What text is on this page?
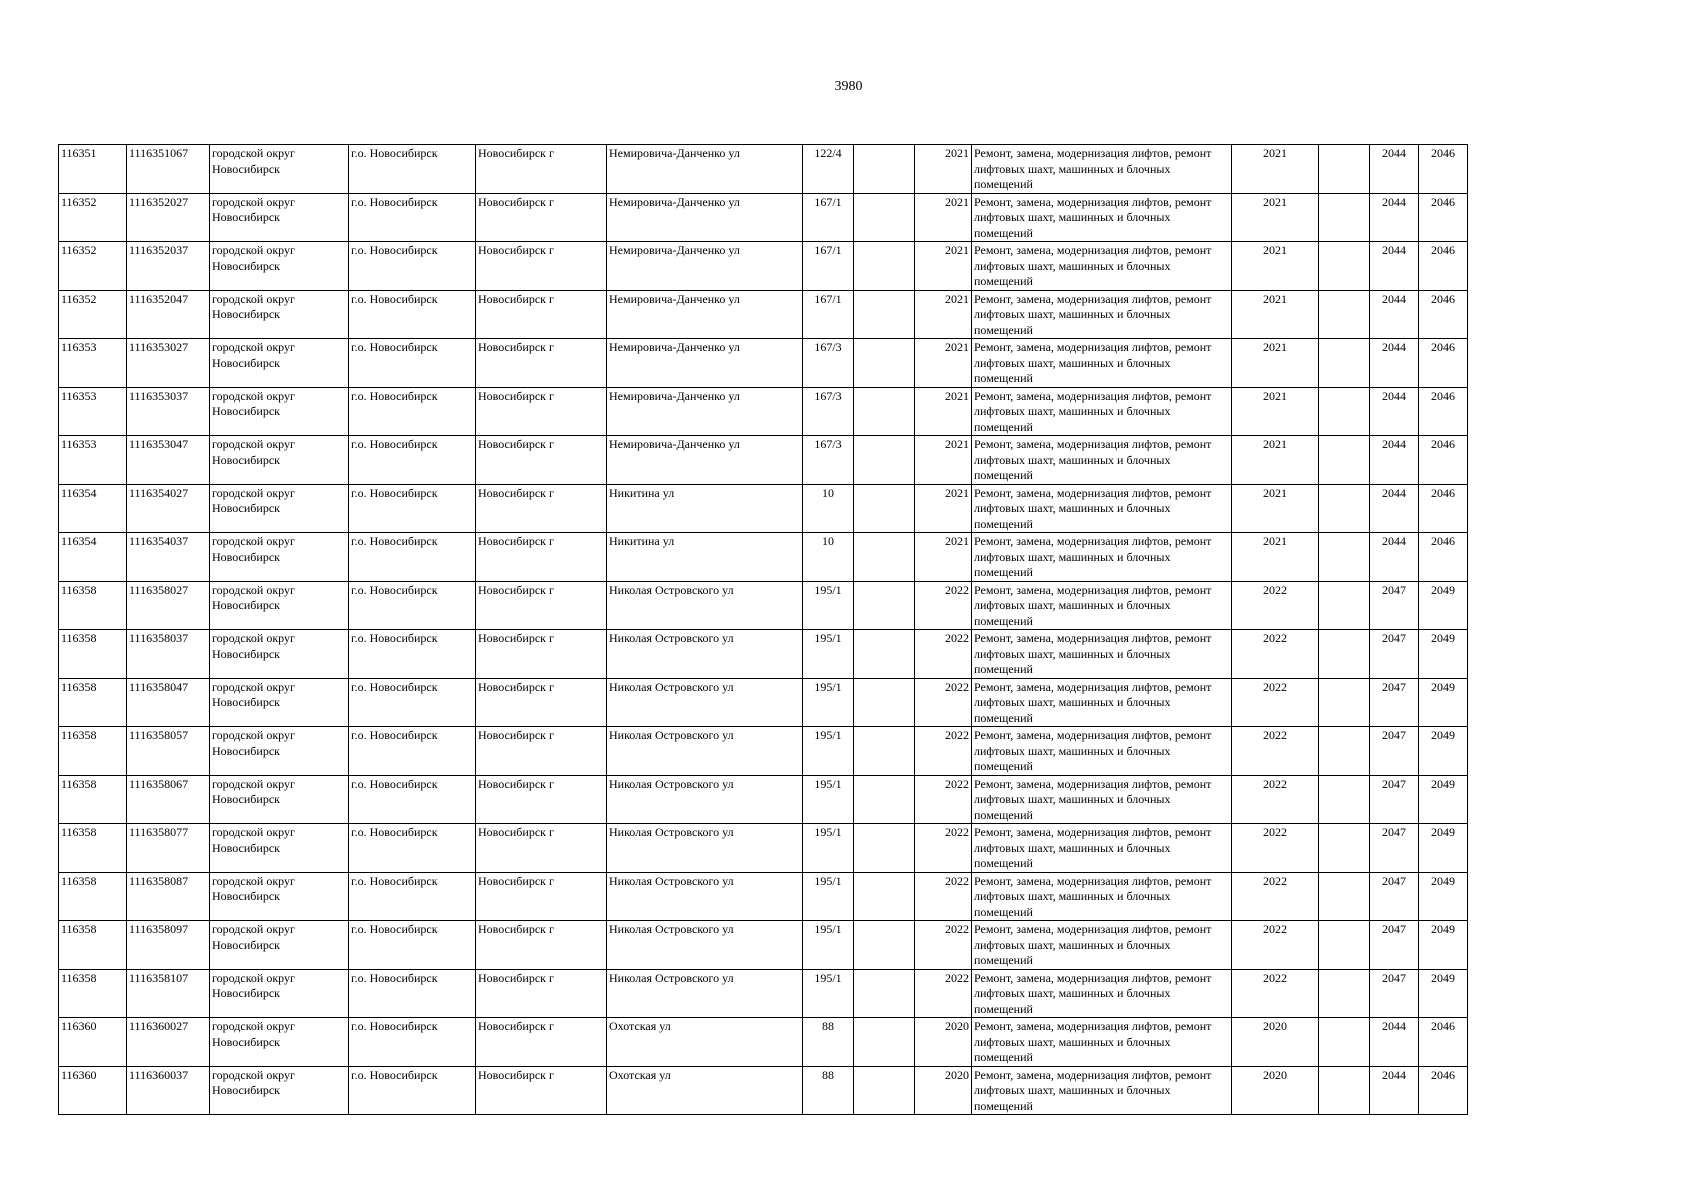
3980
116351	1116351067	городской округ Новосибирск	г.о. Новосибирск	Новосибирск г	Немировича-Данченко ул	122/4		2021	Ремонт, замена, модернизация лифтов, ремонт лифтовых шахт, машинных и блочных помещений	2021		2044	2046
116352	1116352027	городской округ Новосибирск	г.о. Новосибирск	Новосибирск г	Немировича-Данченко ул	167/1		2021	Ремонт, замена, модернизация лифтов, ремонт лифтовых шахт, машинных и блочных помещений	2021		2044	2046
116352	1116352037	городской округ Новосибирск	г.о. Новосибирск	Новосибирск г	Немировича-Данченко ул	167/1		2021	Ремонт, замена, модернизация лифтов, ремонт лифтовых шахт, машинных и блочных помещений	2021		2044	2046
116352	1116352047	городской округ Новосибирск	г.о. Новосибирск	Новосибирск г	Немировича-Данченко ул	167/1		2021	Ремонт, замена, модернизация лифтов, ремонт лифтовых шахт, машинных и блочных помещений	2021		2044	2046
116353	1116353027	городской округ Новосибирск	г.о. Новосибирск	Новосибирск г	Немировича-Данченко ул	167/3		2021	Ремонт, замена, модернизация лифтов, ремонт лифтовых шахт, машинных и блочных помещений	2021		2044	2046
116353	1116353037	городской округ Новосибирск	г.о. Новосибирск	Новосибирск г	Немировича-Данченко ул	167/3		2021	Ремонт, замена, модернизация лифтов, ремонт лифтовых шахт, машинных и блочных помещений	2021		2044	2046
116353	1116353047	городской округ Новосибирск	г.о. Новосибирск	Новосибирск г	Немировича-Данченко ул	167/3		2021	Ремонт, замена, модернизация лифтов, ремонт лифтовых шахт, машинных и блочных помещений	2021		2044	2046
116354	1116354027	городской округ Новосибирск	г.о. Новосибирск	Новосибирск г	Никитина ул	10		2021	Ремонт, замена, модернизация лифтов, ремонт лифтовых шахт, машинных и блочных помещений	2021		2044	2046
116354	1116354037	городской округ Новосибирск	г.о. Новосибирск	Новосибирск г	Никитина ул	10		2021	Ремонт, замена, модернизация лифтов, ремонт лифтовых шахт, машинных и блочных помещений	2021		2044	2046
116358	1116358027	городской округ Новосибирск	г.о. Новосибирск	Новосибирск г	Николая Островского ул	195/1		2022	Ремонт, замена, модернизация лифтов, ремонт лифтовых шахт, машинных и блочных помещений	2022		2047	2049
116358	1116358037	городской округ Новосибирск	г.о. Новосибирск	Новосибирск г	Николая Островского ул	195/1		2022	Ремонт, замена, модернизация лифтов, ремонт лифтовых шахт, машинных и блочных помещений	2022		2047	2049
116358	1116358047	городской округ Новосибирск	г.о. Новосибирск	Новосибирск г	Николая Островского ул	195/1		2022	Ремонт, замена, модернизация лифтов, ремонт лифтовых шахт, машинных и блочных помещений	2022		2047	2049
116358	1116358057	городской округ Новосибирск	г.о. Новосибирск	Новосибирск г	Николая Островского ул	195/1		2022	Ремонт, замена, модернизация лифтов, ремонт лифтовых шахт, машинных и блочных помещений	2022		2047	2049
116358	1116358067	городской округ Новосибирск	г.о. Новосибирск	Новосибирск г	Николая Островского ул	195/1		2022	Ремонт, замена, модернизация лифтов, ремонт лифтовых шахт, машинных и блочных помещений	2022		2047	2049
116358	1116358077	городской округ Новосибирск	г.о. Новосибирск	Новосибирск г	Николая Островского ул	195/1		2022	Ремонт, замена, модернизация лифтов, ремонт лифтовых шахт, машинных и блочных помещений	2022		2047	2049
116358	1116358087	городской округ Новосибирск	г.о. Новосибирск	Новосибирск г	Николая Островского ул	195/1		2022	Ремонт, замена, модернизация лифтов, ремонт лифтовых шахт, машинных и блочных помещений	2022		2047	2049
116358	1116358097	городской округ Новосибирск	г.о. Новосибирск	Новосибирск г	Николая Островского ул	195/1		2022	Ремонт, замена, модернизация лифтов, ремонт лифтовых шахт, машинных и блочных помещений	2022		2047	2049
116358	1116358107	городской округ Новосибирск	г.о. Новосибирск	Новосибирск г	Николая Островского ул	195/1		2022	Ремонт, замена, модернизация лифтов, ремонт лифтовых шахт, машинных и блочных помещений	2022		2047	2049
116360	1116360027	городской округ Новосибирск	г.о. Новосибирск	Новосибирск г	Охотская ул	88		2020	Ремонт, замена, модернизация лифтов, ремонт лифтовых шахт, машинных и блочных помещений	2020		2044	2046
116360	1116360037	городской округ Новосибирск	г.о. Новосибирск	Новосибирск г	Охотская ул	88		2020	Ремонт, замена, модернизация лифтов, ремонт лифтовых шахт, машинных и блочных помещений	2020		2044	2046
